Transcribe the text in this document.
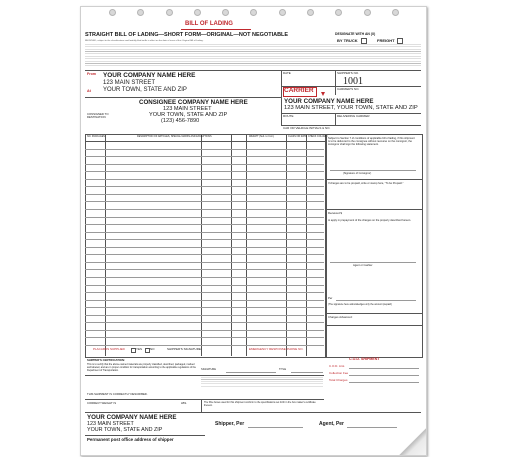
BILL OF LADING
STRAIGHT BILL OF LADING—SHORT FORM—ORIGINAL—NOT NEGOTIABLE	DESIGNATE WITH AN (X)
BY TRUCK	FREIGHT
RECEIVED, subject to the classifications and lawfully filed tariffs in effect on the date of issue of this Original Bill of Lading.
From YOUR COMPANY NAME HERE
123 MAIN STREET
YOUR TOWN, STATE AND ZIP
At
DATE	SHIPPER'S NO.
1001
CARRIER	CARRIER'S NO.
YOUR COMPANY NAME HERE
123 MAIN STREET, YOUR TOWN, STATE AND ZIP
CONSIGNED TO DESTINATION
CONSIGNEE COMPANY NAME HERE
123 MAIN STREET
YOUR TOWN, STATE AND ZIP
(123) 456-7890
ROUTE	DELIVERING CARRIER
CAR OR VEHICLE INITIALS & NO.
NO. PACKAGES	DESCRIPTION OF ARTICLES, SPECIAL MARKS AND EXCEPTIONS	WEIGHT (Sub. to Corr.)	CLASS OR RATE CHECK COLUMN
PLACARDS SUPPLIED	YES	NO	SHIPPER'S SIGNATURE	EMERGENCY RESPONSE PHONE NO.
Subject to Section 7 of conditions of applicable bill of lading, if this shipment is to be delivered to the consignee without recourse on the consignor, the consignor shall sign the following statement.
(Signature of Consignor)
If charges are to be prepaid, write or stamp here, "To be Prepaid."
Received $
to apply in prepayment of the charges on the property described hereon.
Agent or Cashier
Per
(The signature here acknowledges only the amount prepaid)
Charges Advanced:
C.O.D. SHIPMENT
C.O.D. Amt.
Collection Fee
Total Charges
SHIPPER'S CERTIFICATION:
This is to certify that the above-named materials are properly classified, described, packaged, marked and labeled, and are in proper condition for transportation according to the applicable regulations of the Department of Transportation.	SIGNATURE	TITLE
THIS SHIPMENT IS CORRECTLY DESCRIBED.
CORRECT WEIGHT IS	LBS.	The fibre boxes used for this shipment conform to the specifications set forth in the box maker's certificate thereon.
YOUR COMPANY NAME HERE
123 MAIN STREET
YOUR TOWN, STATE AND ZIP
Shipper, Per	Agent, Per
Permanent post office address of shipper
